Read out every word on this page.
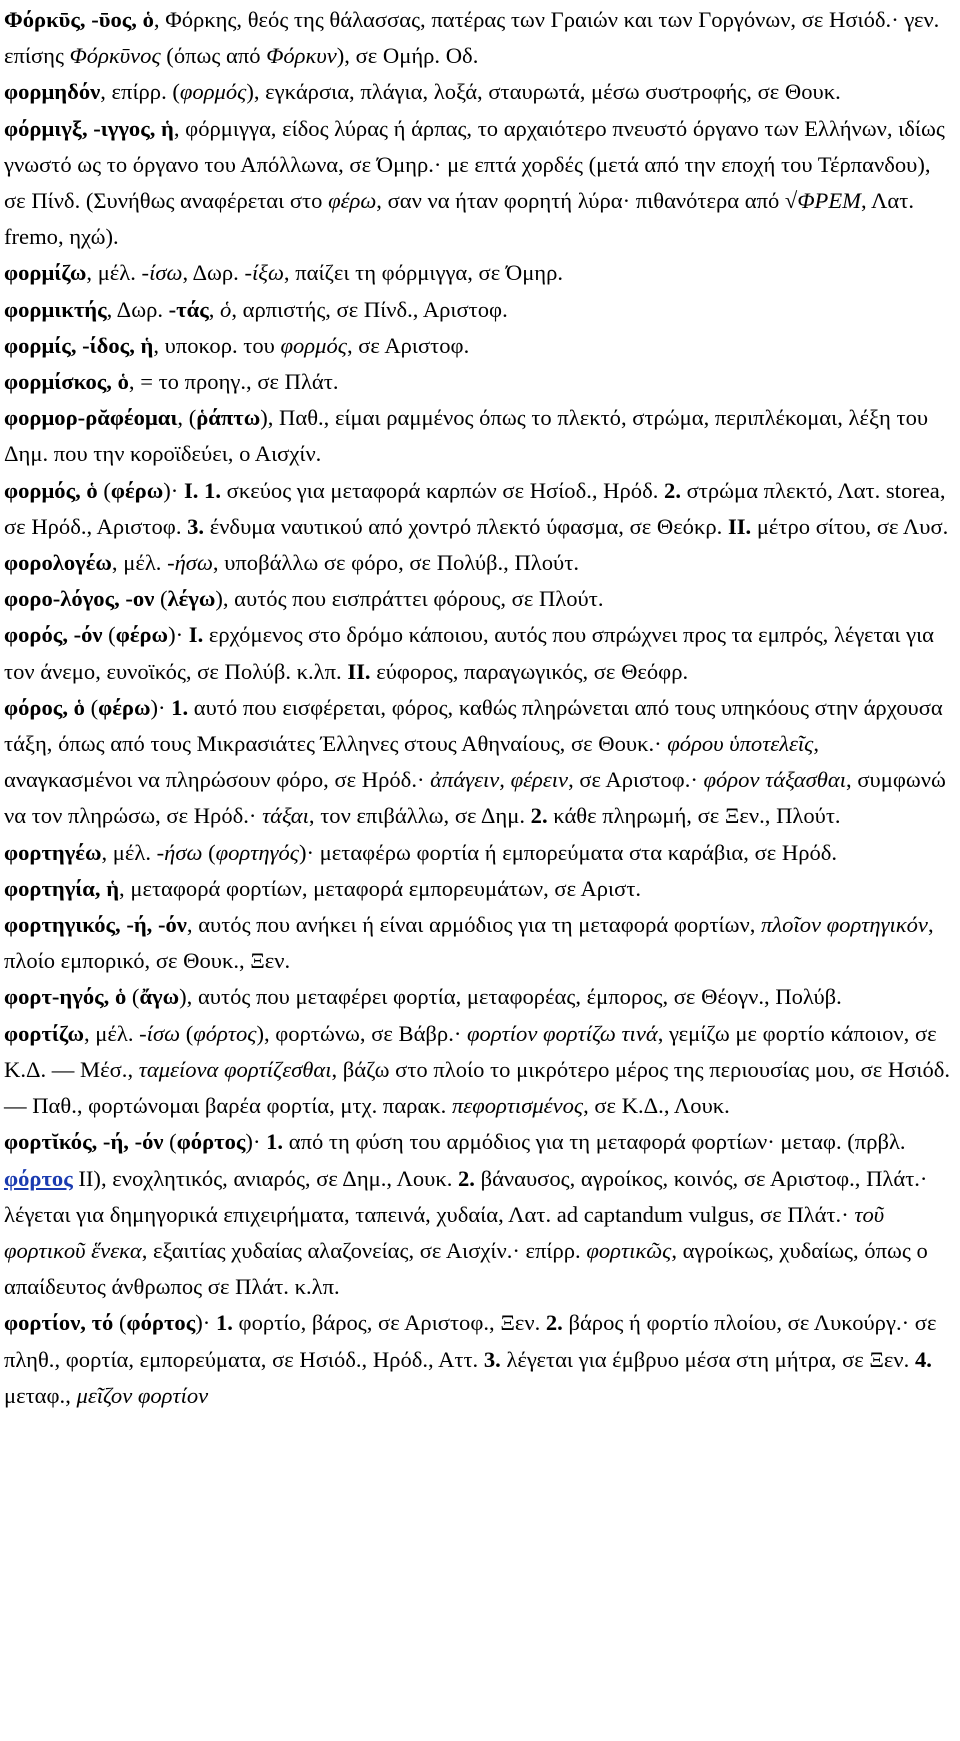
Φόρκῡς, -ῡος, ὁ, Φόρκης, θεός της θάλασσας, πατέρας των Γραιών και των Γοργόνων, σε Ησιόδ.· γεν. επίσης Φόρκῡνος (όπως από Φόρκυν), σε Ομήρ. Οδ.
φορμηδόν, επίρρ. (φορμός), εγκάρσια, πλάγια, λοξά, σταυρωτά, μέσω συστροφής, σε Θουκ.
φόρμιγξ, -ιγγος, ἡ, φόρμιγγα, είδος λύρας ή άρπας, το αρχαιότερο πνευστό όργανο των Ελλήνων, ιδίως γνωστό ως το όργανο του Απόλλωνα, σε Όμηρ.· με επτά χορδές (μετά από την εποχή του Τέρπανδου), σε Πίνδ. (Συνήθως αναφέρεται στο φέρω, σαν να ήταν φορητή λύρα· πιθανότερα από √ΦΡΕΜ, Λατ. fremo, ηχώ).
φορμίζω, μέλ. -ίσω, Δωρ. -ίξω, παίζει τη φόρμιγγα, σε Όμηρ.
φορμικτής, Δωρ. -τάς, ὁ, αρπιστής, σε Πίνδ., Αριστοφ.
φορμίς, -ίδος, ἡ, υποκορ. του φορμός, σε Αριστοφ.
φορμίσκος, ὁ, = το προηγ., σε Πλάτ.
φορμορ-ρᾰφέομαι, (ῥάπτω), Παθ., είμαι ραμμένος όπως το πλεκτό, στρώμα, περιπλέκομαι, λέξη του Δημ. που την κοροϊδεύει, ο Αισχίν.
φορμός, ὁ (φέρω)· I. 1. σκεύος για μεταφορά καρπών σε Ησίοδ., Ηρόδ. 2. στρώμα πλεκτό, Λατ. storea, σε Ηρόδ., Αριστοφ. 3. ένδυμα ναυτικού από χοντρό πλεκτό ύφασμα, σε Θεόκρ. II. μέτρο σίτου, σε Λυσ.
φορολογέω, μέλ. -ήσω, υποβάλλω σε φόρο, σε Πολύβ., Πλούτ.
φορο-λόγος, -ον (λέγω), αυτός που εισπράττει φόρους, σε Πλούτ.
φορός, -όν (φέρω)· I. ερχόμενος στο δρόμο κάποιου, αυτός που σπρώχνει προς τα εμπρός, λέγεται για τον άνεμο, ευνοϊκός, σε Πολύβ. κ.λπ. II. εύφορος, παραγωγικός, σε Θεόφρ.
φόρος, ὁ (φέρω)· 1. αυτό που εισφέρεται, φόρος, καθώς πληρώνεται από τους υπηκόους στην άρχουσα τάξη, όπως από τους Μικρασιάτες Έλληνες στους Αθηναίους, σε Θουκ.· φόρου ὑποτελεῖς, αναγκασμένοι να πληρώσουν φόρο, σε Ηρόδ.· ἀπάγειν, φέρειν, σε Αριστοφ.· φόρον τάξασθαι, συμφωνώ να τον πληρώσω, σε Ηρόδ.· τάξαι, τον επιβάλλω, σε Δημ. 2. κάθε πληρωμή, σε Ξεν., Πλούτ.
φορτηγέω, μέλ. -ήσω (φορτηγός)· μεταφέρω φορτία ή εμπορεύματα στα καράβια, σε Ηρόδ.
φορτηγία, ἡ, μεταφορά φορτίων, μεταφορά εμπορευμάτων, σε Αριστ.
φορτηγικός, -ή, -όν, αυτός που ανήκει ή είναι αρμόδιος για τη μεταφορά φορτίων, πλοῖον φορτηγικόν, πλοίο εμπορικό, σε Θουκ., Ξεν.
φορτ-ηγός, ὁ (ἄγω), αυτός που μεταφέρει φορτία, μεταφορέας, έμπορος, σε Θέογν., Πολύβ.
φορτίζω, μέλ. -ίσω (φόρτος), φορτώνω, σε Βάβρ.· φορτίον φορτίζω τινά, γεμίζω με φορτίο κάποιον, σε Κ.Δ. — Μέσ., ταμείονα φορτίζεσθαι, βάζω στο πλοίο το μικρότερο μέρος της περιουσίας μου, σε Ησιόδ. — Παθ., φορτώνομαι βαρέα φορτία, μτχ. παρακ. πεφορτισμένος, σε Κ.Δ., Λουκ.
φορτῐκός, -ή, -όν (φόρτος)· 1. από τη φύση του αρμόδιος για τη μεταφορά φορτίων· μεταφ. (πρβλ. φόρτος II), ενοχλητικός, ανιαρός, σε Δημ., Λουκ. 2. βάναυσος, αγροίκος, κοινός, σε Αριστοφ., Πλάτ.· λέγεται για δημηγορικά επιχειρήματα, ταπεινά, χυδαία, Λατ. ad captandum vulgus, σε Πλάτ.· τοῦ φορτικοῦ ἕνεκα, εξαιτίας χυδαίας αλαζονείας, σε Αισχίν.· επίρρ. φορτικῶς, αγροίκως, χυδαίως, όπως ο απαίδευτος άνθρωπος σε Πλάτ. κ.λπ.
φορτίον, τό (φόρτος)· 1. φορτίο, βάρος, σε Αριστοφ., Ξεν. 2. βάρος ή φορτίο πλοίου, σε Λυκούργ.· σε πληθ., φορτία, εμπορεύματα, σε Ησιόδ., Ηρόδ., Αττ. 3. λέγεται για έμβρυο μέσα στη μήτρα, σε Ξεν. 4. μεταφ., μεῖζον φορτίον
